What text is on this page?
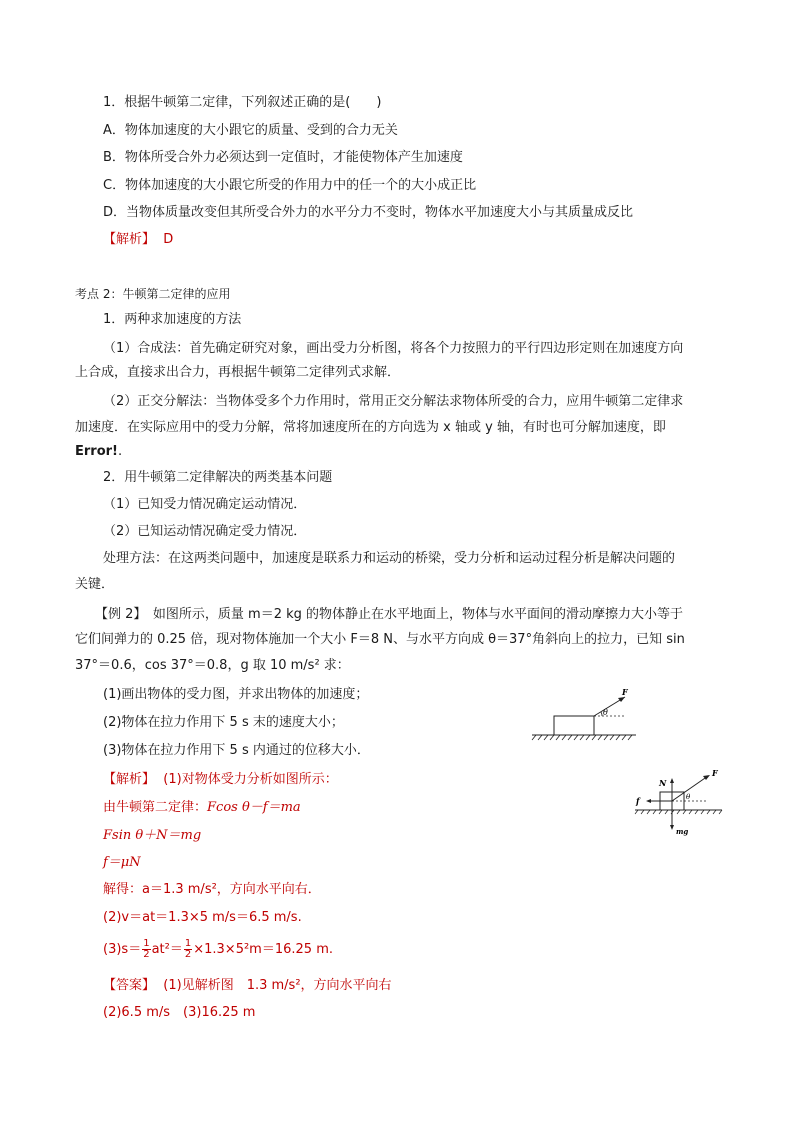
1．根据牛顿第二定律，下列叙述正确的是(　　)
A．物体加速度的大小跟它的质量、受到的合力无关
B．物体所受合外力必须达到一定值时，才能使物体产生加速度
C．物体加速度的大小跟它所受的作用力中的任一个的大小成正比
D．当物体质量改变但其所受合外力的水平分力不变时，物体水平加速度大小与其质量成反比
【解析】 D
考点 2：牛顿第二定律的应用
1．两种求加速度的方法
（1）合成法：首先确定研究对象，画出受力分析图，将各个力按照力的平行四边形定则在加速度方向
上合成，直接求出合力，再根据牛顿第二定律列式求解．
（2）正交分解法：当物体受多个力作用时，常用正交分解法求物体所受的合力，应用牛顿第二定律求
加速度．在实际应用中的受力分解，常将加速度所在的方向选为 x 轴或 y 轴，有时也可分解加速度，即
Error!.
2．用牛顿第二定律解决的两类基本问题
（1）已知受力情况确定运动情况．
（2）已知运动情况确定受力情况．
处理方法：在这两类问题中，加速度是联系力和运动的桥梁，受力分析和运动过程分析是解决问题的
关键．
【例 2】　如图所示，质量 m＝2 kg 的物体静止在水平地面上，物体与水平面间的滑动摩擦力大小等于
它们间弹力的 0.25 倍，现对物体施加一个大小 F＝8 N、与水平方向成 θ＝37°角斜向上的拉力，已知 sin
37°＝0.6，cos 37°＝0.8，g 取 10 m/s² 求：
(1)画出物体的受力图，并求出物体的加速度；
(2)物体在拉力作用下 5 s 末的速度大小；
(3)物体在拉力作用下 5 s 内通过的位移大小．
θ
F
N
F
f	θ
mg
【解析】 (1)对物体受力分析如图所示：
由牛顿第二定律：Fcos θ－f＝ma
Fsin θ＋N＝mg
f＝μN
解得：a＝1.3 m/s²，方向水平向右．
(2)v＝at＝1.3×5 m/s＝6.5 m/s.
$(3)s= \frac{1}{2} at^2= \frac{1}{2} \times 1.3\times 5^2m=16.25$ m.
【答案】 (1)见解析图　1.3 m/s²，方向水平向右
(2)6.5 m/s　(3)16.25 m
